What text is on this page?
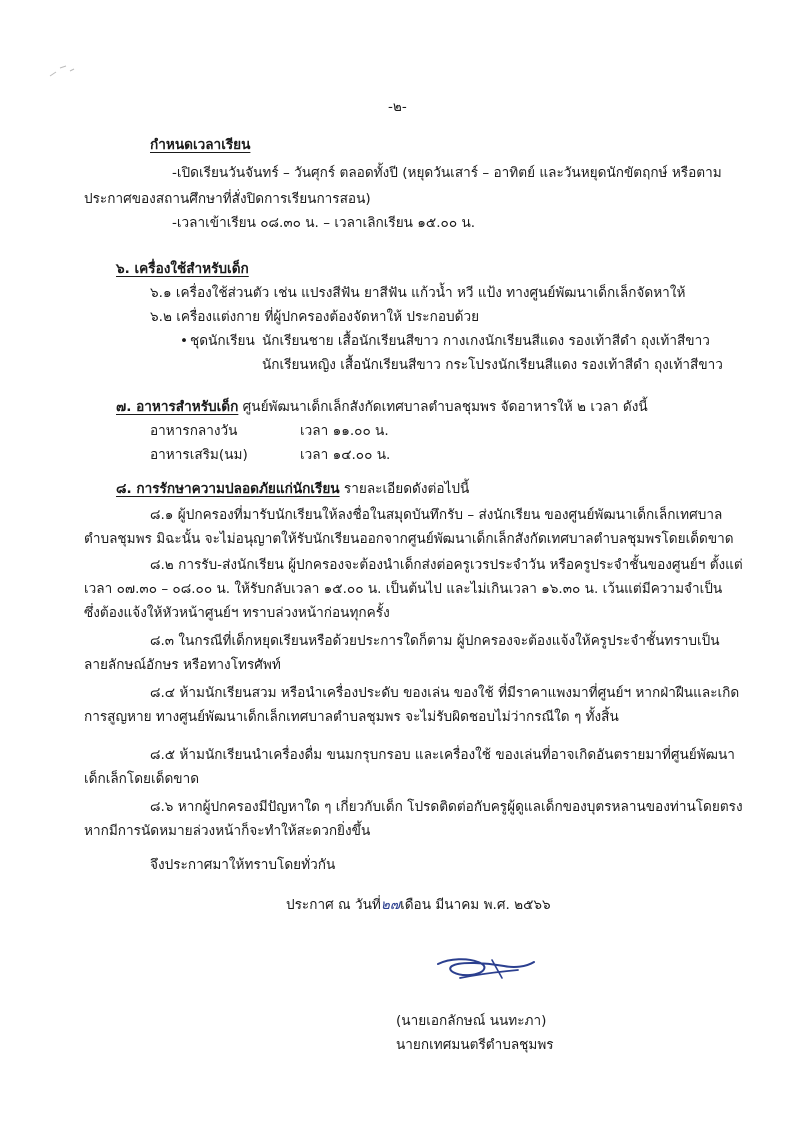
-๒-
กำหนดเวลาเรียน
-เปิดเรียนวันจันทร์ – วันศุกร์ ตลอดทั้งปี (หยุดวันเสาร์ – อาทิตย์ และวันหยุดนักขัตฤกษ์ หรือตาม
ประกาศของสถานศึกษาที่สั่งปิดการเรียนการสอน)
-เวลาเข้าเรียน ๐๘.๓๐ น. – เวลาเลิกเรียน ๑๕.๐๐ น.
๖. เครื่องใช้สำหรับเด็ก
๖.๑ เครื่องใช้ส่วนตัว เช่น แปรงสีฟัน ยาสีฟัน แก้วน้ำ หวี แป้ง ทางศูนย์พัฒนาเด็กเล็กจัดหาให้
๖.๒ เครื่องแต่งกาย ที่ผู้ปกครองต้องจัดหาให้ ประกอบด้วย
• ชุดนักเรียน นักเรียนชาย เสื้อนักเรียนสีขาว กางเกงนักเรียนสีแดง รองเท้าสีดำ ถุงเท้าสีขาว
นักเรียนหญิง เสื้อนักเรียนสีขาว กระโปรงนักเรียนสีแดง รองเท้าสีดำ ถุงเท้าสีขาว
๗. อาหารสำหรับเด็ก ศูนย์พัฒนาเด็กเล็กสังกัดเทศบาลตำบลชุมพร จัดอาหารให้ ๒ เวลา ดังนี้
อาหารกลางวัน	เวลา ๑๑.๐๐ น.
อาหารเสริม(นม)	เวลา ๑๔.๐๐ น.
๘. การรักษาความปลอดภัยแก่นักเรียน รายละเอียดดังต่อไปนี้
๘.๑ ผู้ปกครองที่มารับนักเรียนให้ลงชื่อในสมุดบันทึกรับ – ส่งนักเรียน ของศูนย์พัฒนาเด็กเล็กเทศบาล
ตำบลชุมพร มิฉะนั้น จะไม่อนุญาตให้รับนักเรียนออกจากศูนย์พัฒนาเด็กเล็กสังกัดเทศบาลตำบลชุมพรโดยเด็ดขาด
๘.๒ การรับ-ส่งนักเรียน ผู้ปกครองจะต้องนำเด็กส่งต่อครูเวรประจำวัน หรือครูประจำชั้นของศูนย์ฯ ตั้งแต่
เวลา ๐๗.๓๐ – ๐๘.๐๐ น. ให้รับกลับเวลา ๑๕.๐๐ น. เป็นต้นไป และไม่เกินเวลา ๑๖.๓๐ น. เว้นแต่มีความจำเป็น
ซึ่งต้องแจ้งให้หัวหน้าศูนย์ฯ ทราบล่วงหน้าก่อนทุกครั้ง
๘.๓ ในกรณีที่เด็กหยุดเรียนหรือด้วยประการใดก็ตาม ผู้ปกครองจะต้องแจ้งให้ครูประจำชั้นทราบเป็น
ลายลักษณ์อักษร หรือทางโทรศัพท์
๘.๔ ห้ามนักเรียนสวม หรือนำเครื่องประดับ ของเล่น ของใช้ ที่มีราคาแพงมาที่ศูนย์ฯ หากฝ่าฝืนและเกิด
การสูญหาย ทางศูนย์พัฒนาเด็กเล็กเทศบาลตำบลชุมพร จะไม่รับผิดชอบไม่ว่ากรณีใด ๆ ทั้งสิ้น
๘.๕ ห้ามนักเรียนนำเครื่องดื่ม ขนมกรุบกรอบ และเครื่องใช้ ของเล่นที่อาจเกิดอันตรายมาที่ศูนย์พัฒนา
เด็กเล็กโดยเด็ดขาด
๘.๖ หากผู้ปกครองมีปัญหาใด ๆ เกี่ยวกับเด็ก โปรดติดต่อกับครูผู้ดูแลเด็กของบุตรหลานของท่านโดยตรง
หากมีการนัดหมายล่วงหน้าก็จะทำให้สะดวกยิ่งขึ้น
จึงประกาศมาให้ทราบโดยทั่วกัน
ประกาศ ณ วันที่๒๗เดือน มีนาคม พ.ศ. ๒๕๖๖
(นายเอกลักษณ์ นนทะภา)
นายกเทศมนตรีตำบลชุมพร
